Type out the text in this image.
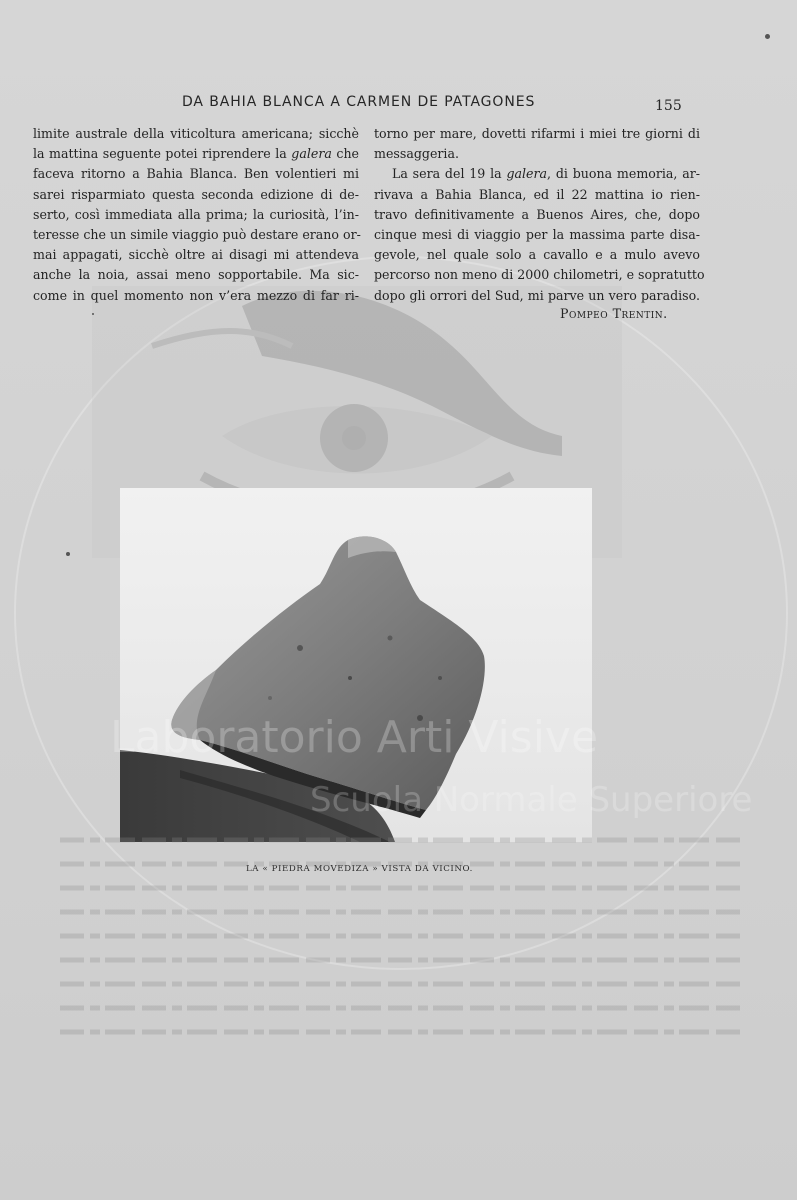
DA BAHIA BLANCA A CARMEN DE PATAGONES	155
limite australe della viticoltura americana; sicchè
la mattina seguente potei riprendere la galera che
faceva ritorno a Bahia Blanca. Ben volentieri mi
sarei risparmiato questa seconda edizione di de-
serto, così immediata alla prima; la curiosità, l’in-
teresse che un simile viaggio può destare erano or-
mai appagati, sicchè oltre ai disagi mi attendeva
anche la noia, assai meno sopportabile. Ma sic-
come in quel momento non v’era mezzo di far ri-
torno per mare, dovetti rifarmi i miei tre giorni di
messaggeria.
La sera del 19 la galera, di buona memoria, ar-
rivava a Bahia Blanca, ed il 22 mattina io rien-
travo definitivamente a Buenos Aires, che, dopo
cinque mesi di viaggio per la massima parte disa-
gevole, nel quale solo a cavallo e a mulo avevo
percorso non meno di 2000 chilometri, e sopratutto
dopo gli orrori del Sud, mi parve un vero paradiso.
Pompeo Trentin.
LA « PIEDRA MOVEDIZA » VISTA DA VICINO.
Laboratorio Arti Visive
Scuola Normale Superiore
